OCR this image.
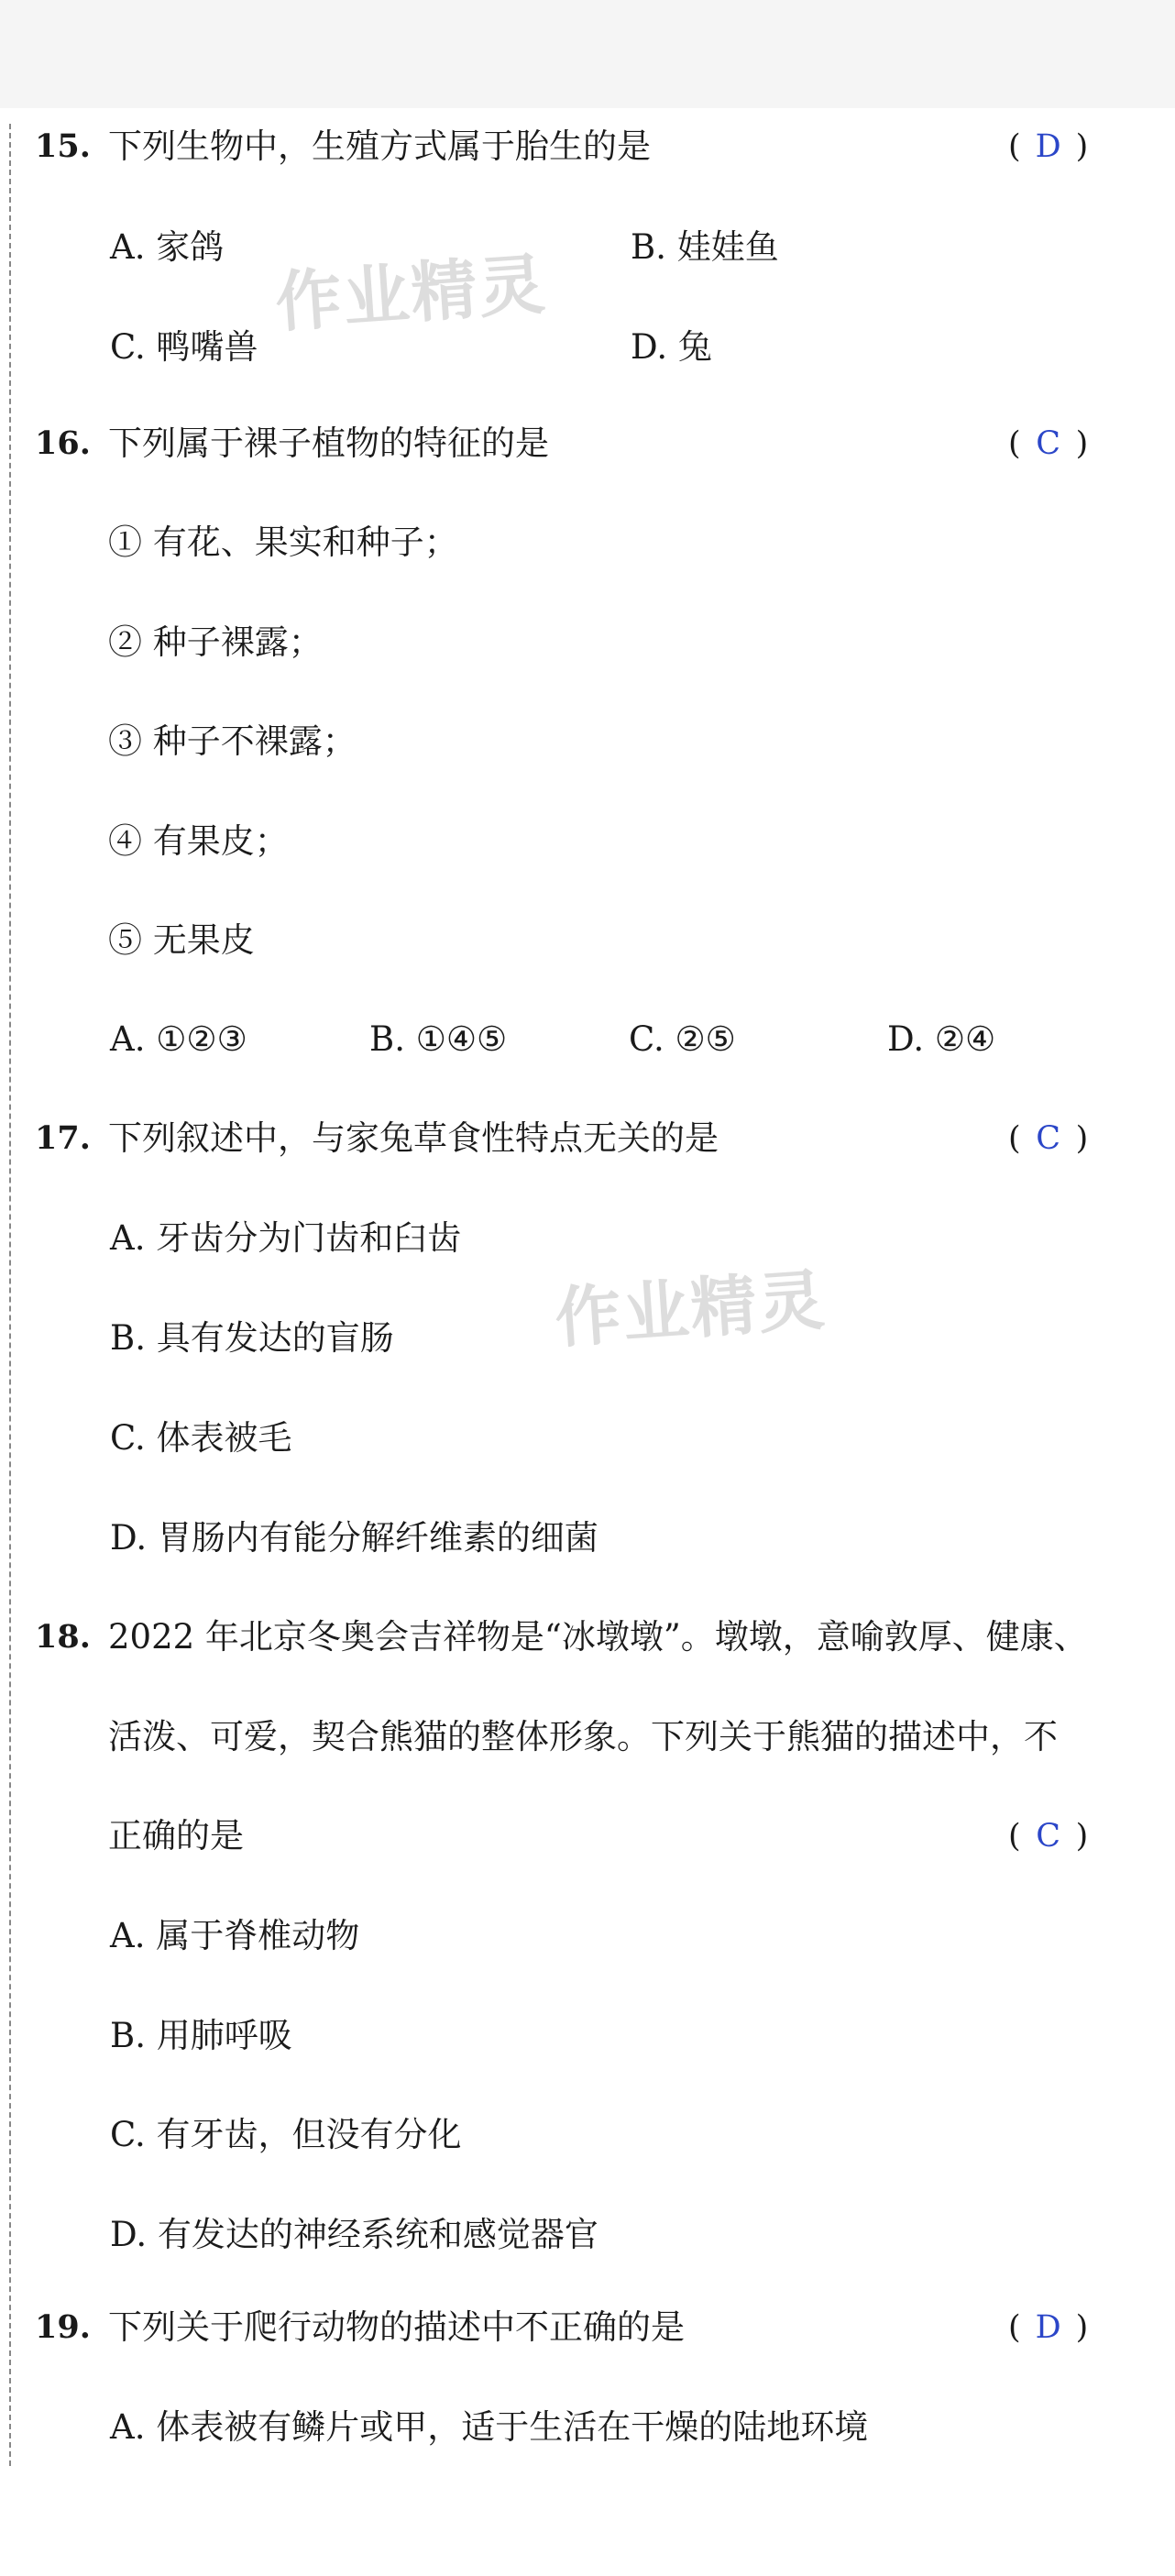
作业精灵
作业精灵
15. 下列生物中，生殖方式属于胎生的是	( D )
A. 家鸽	B. 娃娃鱼
C. 鸭嘴兽	D. 兔
16. 下列属于裸子植物的特征的是	( C )
① 有花、果实和种子；
② 种子裸露；
③ 种子不裸露；
④ 有果皮；
⑤ 无果皮
A. ①②③	B. ①④⑤	C. ②⑤	D. ②④
17. 下列叙述中，与家兔草食性特点无关的是	( C )
A. 牙齿分为门齿和臼齿
B. 具有发达的盲肠
C. 体表被毛
D. 胃肠内有能分解纤维素的细菌
18. 2022 年北京冬奥会吉祥物是“冰墩墩”。墩墩，意喻敦厚、健康、
活泼、可爱，契合熊猫的整体形象。下列关于熊猫的描述中，不
正确的是	( C )
A. 属于脊椎动物
B. 用肺呼吸
C. 有牙齿，但没有分化
D. 有发达的神经系统和感觉器官
19. 下列关于爬行动物的描述中不正确的是	( D )
A. 体表被有鳞片或甲，适于生活在干燥的陆地环境
